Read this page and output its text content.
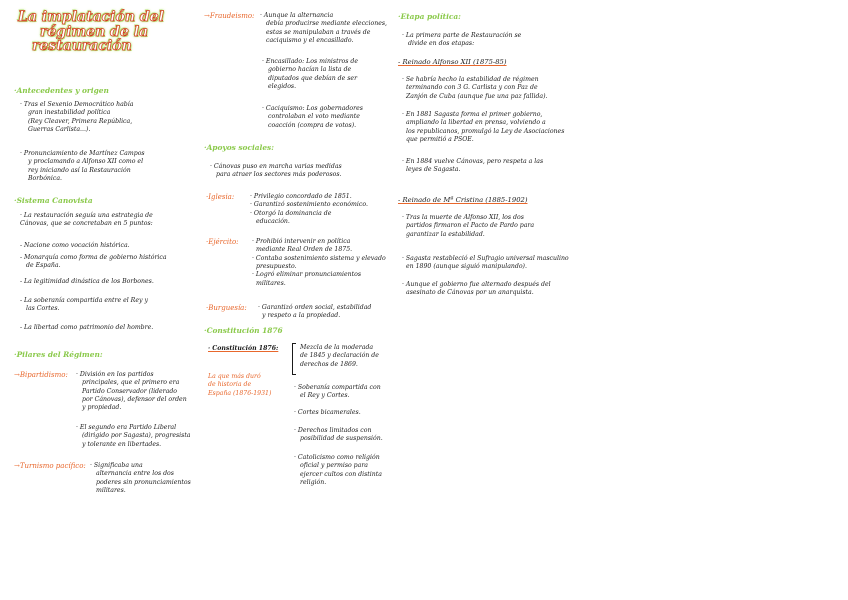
La implatación del
régimen de la
restauración
·Antecedentes y origen
· Tras el Sexenio Democrático había
gran inestabilidad política
(Rey Cleaver, Primera República,
Guerras Carlista...).
· Pronunciamiento de Martínez Campos
y proclamando a Alfonso XII como el
rey iniciando así la Restauración
Borbónica.
·Sistema Canovista
· La restauración seguía una estrategia de
Cánovas, que se concretaban en 5 puntos:
- Nacione como vocación histórica.
- Monarquía como forma de gobierno histórica
de España.
- La legitimidad dinástica de los Borbones.
- La soberanía compartida entre el Rey y
las Cortes.
- La libertad como patrimonio del hombre.
·Pilares del Régimen:
→Bipartidismo: · División en los partidos
principales, que el primero era
Partido Conservador (liderado
por Cánovas), defensor del orden
y propiedad.
· El segundo era Partido Liberal
(dirigido por Sagasta), progresista
y tolerante en libertades.
→Turnismo pacífico: · Significaba una
alternancia entre los dos
poderes sin pronunciamientos
militares.
→Fraudeismo: · Aunque la alternancia
debía producirse mediante elecciones,
estas se manipulaban a través de
caciquismo y el encasillado.
· Encasillado: Los ministros de
gobierno hacían la lista de
diputados que debían de ser
elegidos.
· Caciquismo: Los gobernadores
controlaban el voto mediante
coacción (compra de votos).
·Apoyos sociales:
· Cánovas puso en marcha varias medidas
para atraer los sectores más poderosos.
·Iglesia:	· Privilegio concordado de 1851.
· Garantizó sostenimiento económico.
· Otorgó la dominancia de
educación.
·Ejército: · Prohibió intervenir en política
mediante Real Orden de 1875.
· Contaba sostenimiento sistema y elevado
presupuesto.
· Logró eliminar pronunciamientos
militares.
·Burguesía: · Garantizó orden social, estabilidad
y respeto a la propiedad.
·Constitución 1876
· Constitución 1876:	Mezcla de la moderada
de 1845 y declaración de
derechos de 1869.
La que más duró
de historia de
España (1876-1931)
· Soberanía compartida con
el Rey y Cortes.
· Cortes bicamerales.
· Derechos limitados con
posibilidad de suspensión.
· Catolicismo como religión
oficial y permiso para
ejercer cultos con distinta
religión.
·Etapa política:
· La primera parte de Restauración se
divide en dos etapas:
- Reinado Alfonso XII (1875-85)
· Se habría hecho la estabilidad de régimen
terminando con 3 G. Carlista y con Paz de
Zanjón de Cuba (aunque fue una paz fallida).
· En 1881 Sagasta forma el primer gobierno,
ampliando la libertad en prensa, volviendo a
los republicanos, promulgó la Ley de Asociaciones
que permitió a PSOE.
· En 1884 vuelve Cánovas, pero respeta a las
leyes de Sagasta.
- Reinado de Mª Cristina (1885-1902)
· Tras la muerte de Alfonso XII, los dos
partidos firmaron el Pacto de Pardo para
garantizar la estabilidad.
· Sagasta restableció el Sufragio universal masculino
en 1890 (aunque siguió manipulando).
· Aunque el gobierno fue alternado después del
asesinato de Cánovas por un anarquista.
